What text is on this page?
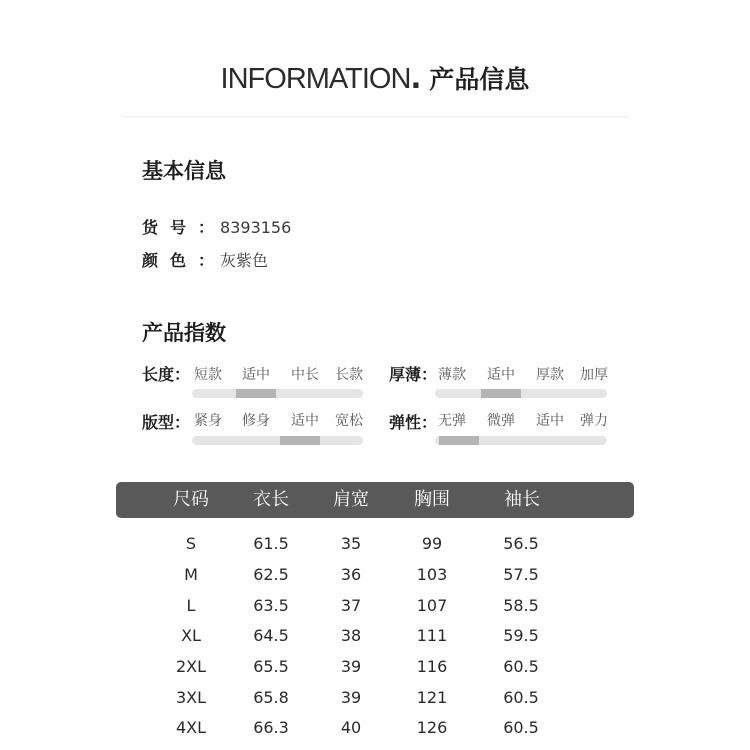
INFORMATION. 产品信息
基本信息
货号： 8393156
颜色： 灰紫色
产品指数
长度： 短款	适中	中长	长款	厚薄： 薄款	适中	厚款	加厚
版型： 紧身	修身	适中	宽松	弹性： 无弹	微弹	适中	弹力
尺码	衣长	肩宽	胸围	袖长
S	61.5	35	99	56.5
M	62.5	36	103	57.5
L	63.5	37	107	58.5
XL	64.5	38	111	59.5
2XL	65.5	39	116	60.5
3XL	65.8	39	121	60.5
4XL	66.3	40	126	60.5
